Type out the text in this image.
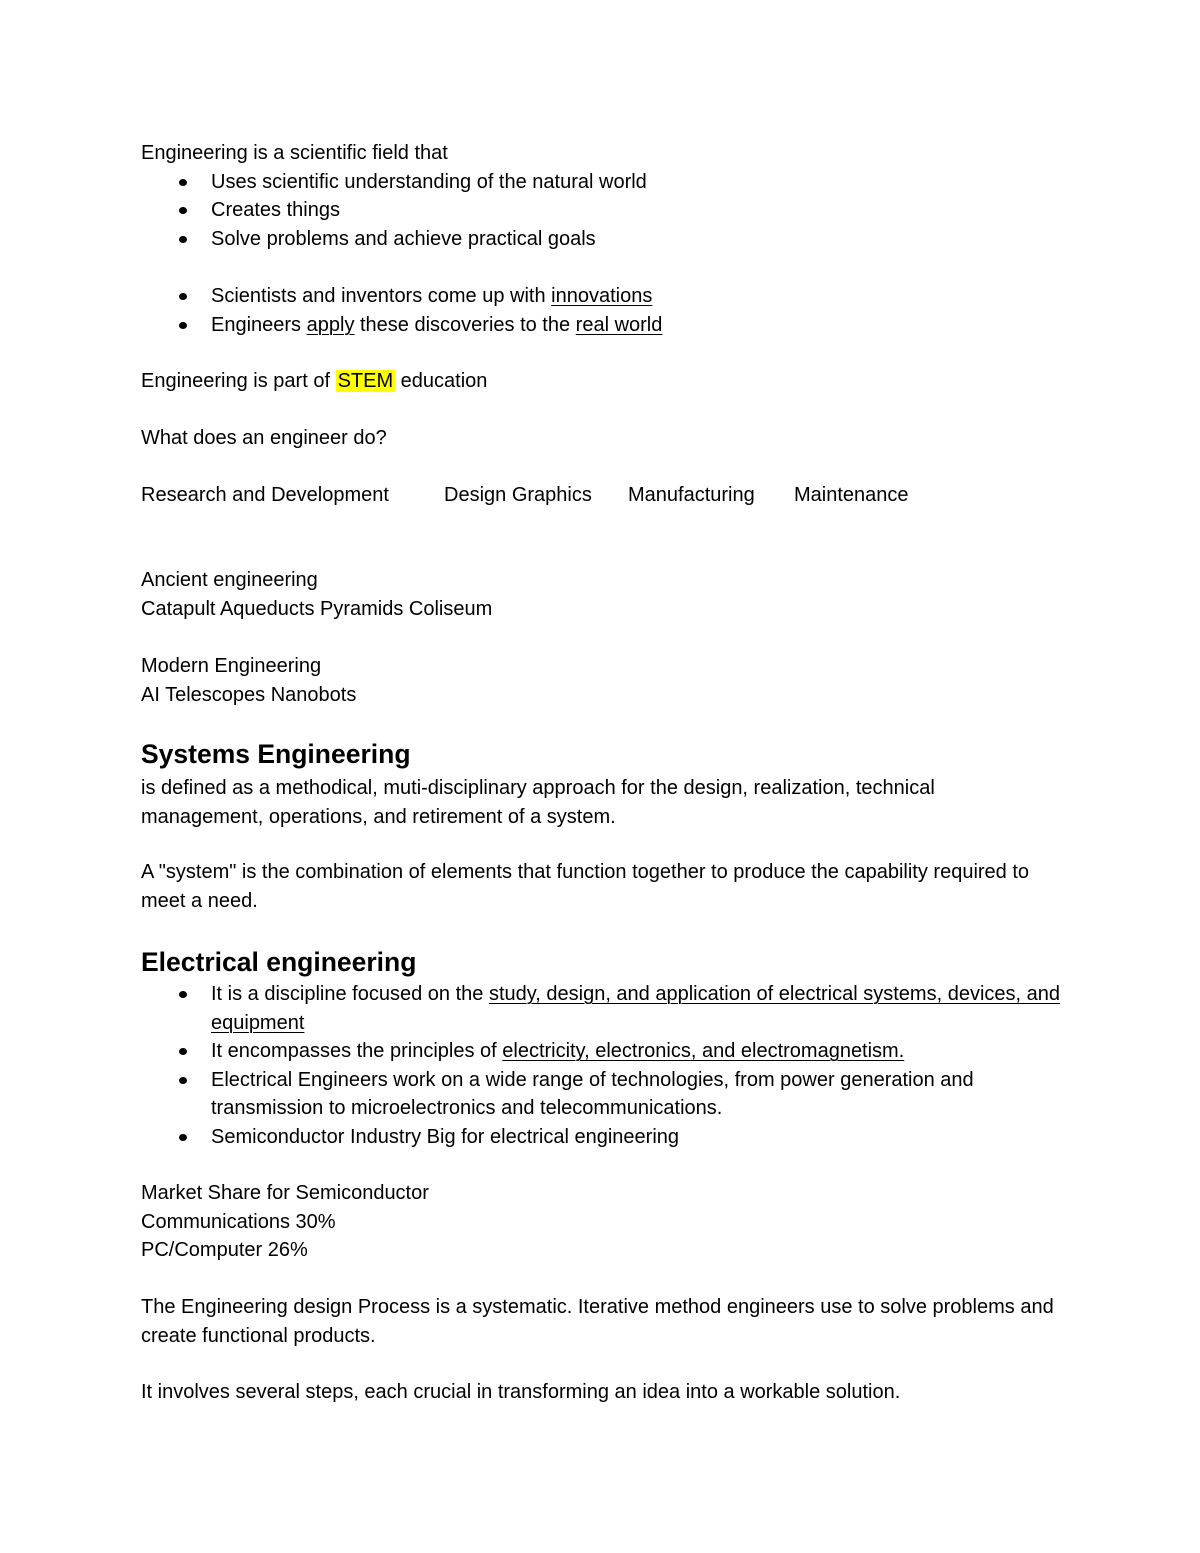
Engineering is a scientific field that
Uses scientific understanding of the natural world
Creates things
Solve problems and achieve practical goals
Scientists and inventors come up with innovations
Engineers apply these discoveries to the real world
Engineering is part of STEM education
What does an engineer do?
Research and Development	Design Graphics Manufacturing Maintenance
Ancient engineering
Catapult Aqueducts Pyramids Coliseum
Modern Engineering
AI Telescopes Nanobots
Systems Engineering
is defined as a methodical, muti-disciplinary approach for the design, realization, technical management, operations, and retirement of a system.
A "system" is the combination of elements that function together to produce the capability required to meet a need.
Electrical engineering
It is a discipline focused on the study, design, and application of electrical systems, devices, and equipment
It encompasses the principles of electricity, electronics, and electromagnetism.
Electrical Engineers work on a wide range of technologies, from power generation and transmission to microelectronics and telecommunications.
Semiconductor Industry Big for electrical engineering
Market Share for Semiconductor
Communications 30%
PC/Computer 26%
The Engineering design Process is a systematic. Iterative method engineers use to solve problems and create functional products.
It involves several steps, each crucial in transforming an idea into a workable solution.
